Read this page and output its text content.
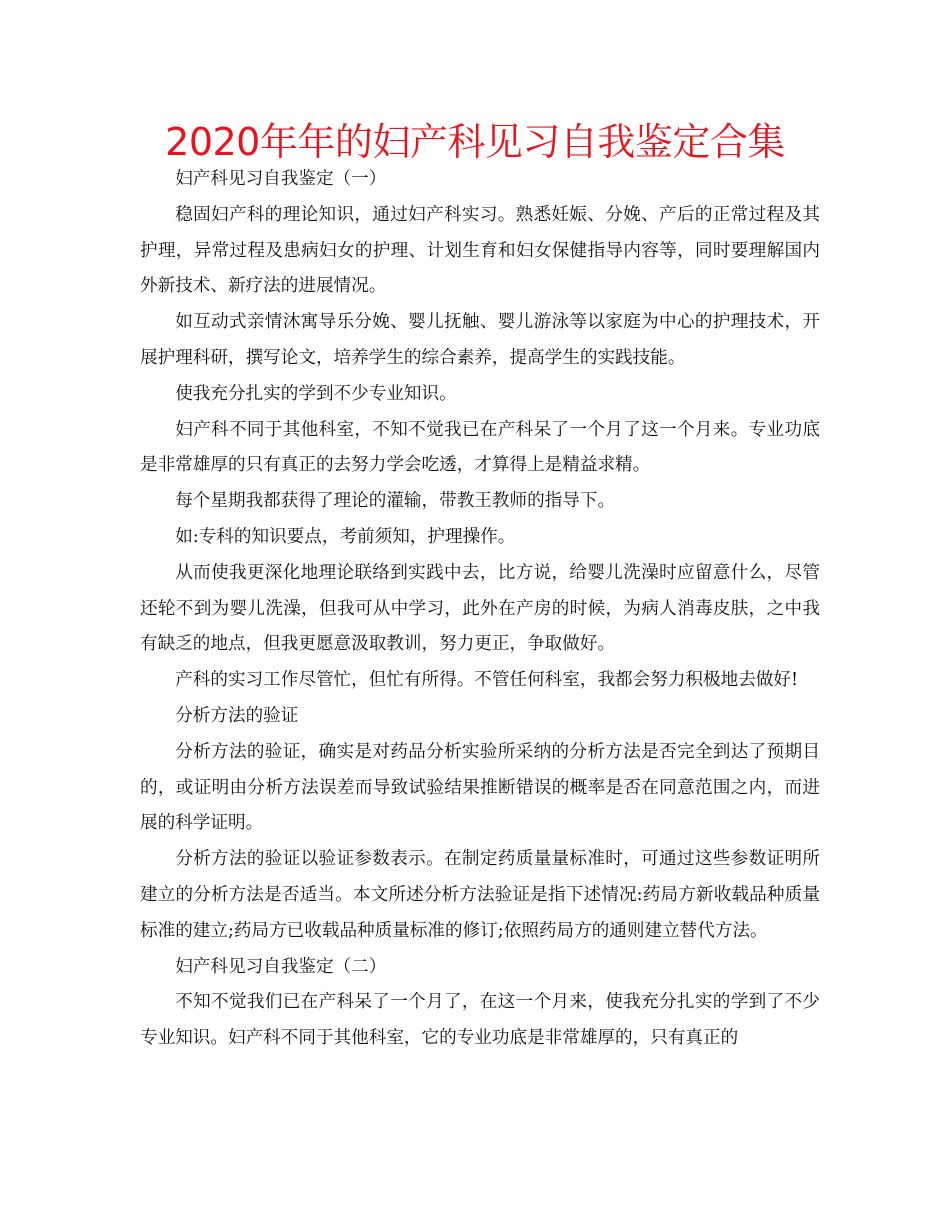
2020年年的妇产科见习自我鉴定合集

妇产科见习自我鉴定（一）

稳固妇产科的理论知识，通过妇产科实习。熟悉妊娠、分娩、产后的正常过程及其护理，异常过程及患病妇女的护理、计划生育和妇女保健指导内容等，同时要理解国内外新技术、新疗法的进展情况。

如互动式亲情沐寓导乐分娩、婴儿抚触、婴儿游泳等以家庭为中心的护理技术，开展护理科研，撰写论文，培养学生的综合素养，提高学生的实践技能。

使我充分扎实的学到不少专业知识。

妇产科不同于其他科室，不知不觉我已在产科呆了一个月了这一个月来。专业功底是非常雄厚的只有真正的去努力学会吃透，才算得上是精益求精。

每个星期我都获得了理论的灌输，带教王教师的指导下。

如:专科的知识要点，考前须知，护理操作。

从而使我更深化地理论联络到实践中去，比方说，给婴儿洗澡时应留意什么，尽管还轮不到为婴儿洗澡，但我可从中学习，此外在产房的时候，为病人消毒皮肤，之中我有缺乏的地点，但我更愿意汲取教训，努力更正，争取做好。

产科的实习工作尽管忙，但忙有所得。不管任何科室，我都会努力积极地去做好!

分析方法的验证

分析方法的验证，确实是对药品分析实验所采纳的分析方法是否完全到达了预期目的，或证明由分析方法误差而导致试验结果推断错误的概率是否在同意范围之内，而进展的科学证明。

分析方法的验证以验证参数表示。在制定药质量量标准时，可通过这些参数证明所建立的分析方法是否适当。本文所述分析方法验证是指下述情况:药局方新收载品种质量标准的建立;药局方已收载品种质量标准的修订;依照药局方的通则建立替代方法。

妇产科见习自我鉴定（二）

不知不觉我们已在产科呆了一个月了，在这一个月来，使我充分扎实的学到了不少专业知识。妇产科不同于其他科室，它的专业功底是非常雄厚的，只有真正的
